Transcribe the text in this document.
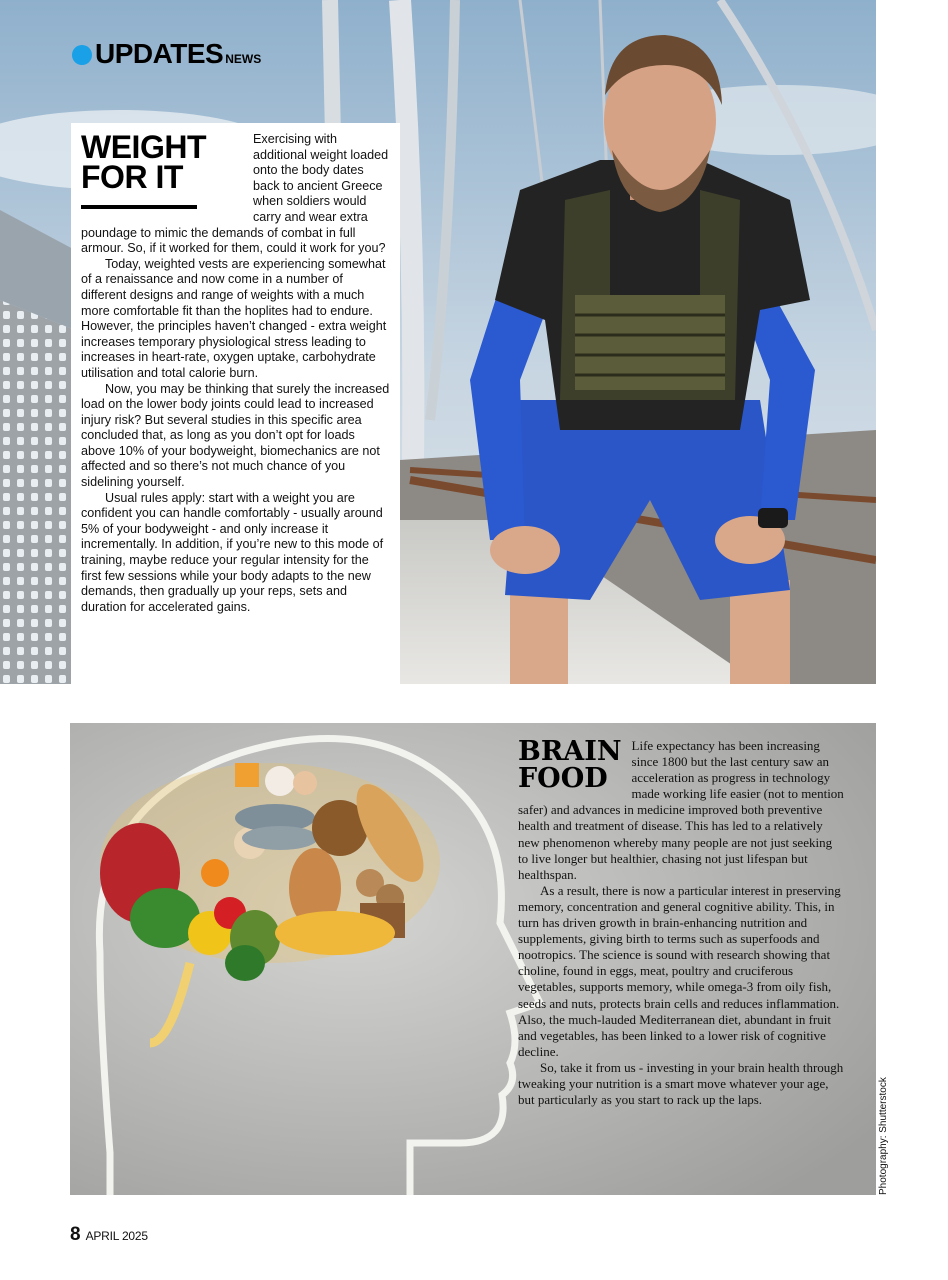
UPDATES NEWS
WEIGHT
FOR IT

Exercising with additional weight loaded onto the body dates back to ancient Greece when soldiers would carry and wear extra poundage to mimic the demands of combat in full armour. So, if it worked for them, could it work for you?

Today, weighted vests are experiencing somewhat of a renaissance and now come in a number of different designs and range of weights with a much more comfortable fit than the hoplites had to endure. However, the principles haven’t changed - extra weight increases temporary physiological stress leading to increases in heart-rate, oxygen uptake, carbohydrate utilisation and total calorie burn.

Now, you may be thinking that surely the increased load on the lower body joints could lead to increased injury risk? But several studies in this specific area concluded that, as long as you don’t opt for loads above 10% of your bodyweight, biomechanics are not affected and so there’s not much chance of you sidelining yourself.

Usual rules apply: start with a weight you are confident you can handle comfortably - usually around 5% of your bodyweight - and only increase it incrementally. In addition, if you’re new to this mode of training, maybe reduce your regular intensity for the first few sessions while your body adapts to the new demands, then gradually up your reps, sets and duration for accelerated gains.

BRAIN
FOOD

Life expectancy has been increasing since 1800 but the last century saw an acceleration as progress in technology made working life easier (not to mention safer) and advances in medicine improved both preventive health and treatment of disease. This has led to a relatively new phenomenon whereby many people are not just seeking to live longer but healthier, chasing not just lifespan but healthspan.

As a result, there is now a particular interest in preserving memory, concentration and general cognitive ability. This, in turn has driven growth in brain-enhancing nutrition and supplements, giving birth to terms such as superfoods and nootropics. The science is sound with research showing that choline, found in eggs, meat, poultry and cruciferous vegetables, supports memory, while omega-3 from oily fish, seeds and nuts, protects brain cells and reduces inflammation. Also, the much-lauded Mediterranean diet, abundant in fruit and vegetables, has been linked to a lower risk of cognitive decline.

So, take it from us - investing in your brain health through tweaking your nutrition is a smart move whatever your age, but particularly as you start to rack up the laps.	Photography: Shutterstock
8 APRIL 2025
